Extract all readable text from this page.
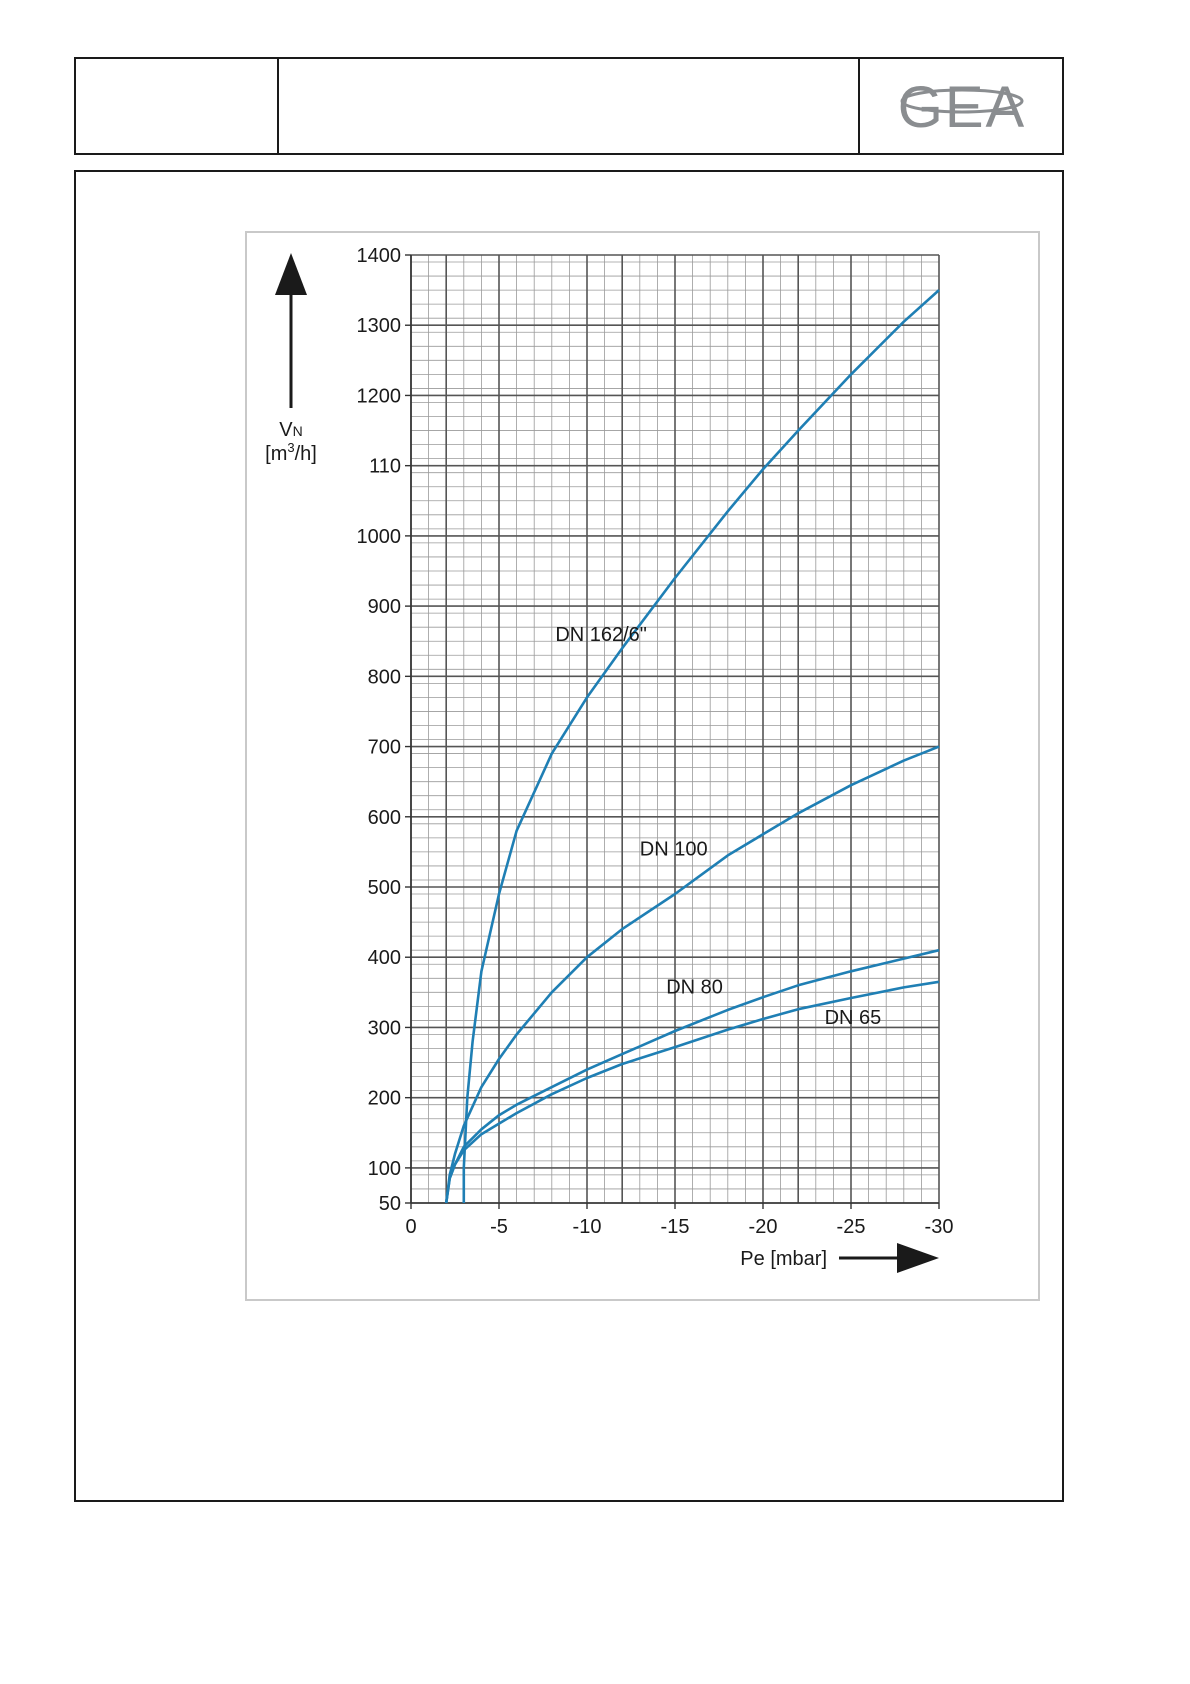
GEA
50
100
200
300
400
500
600
700
800
900
1000
110
1200
1300
1400
0	-5	-10	-15	-20	-25	-30
DN 162/6"
DN 100
DN 80
DN 65
VN
$[m^3/h]$
Pe [mbar]
